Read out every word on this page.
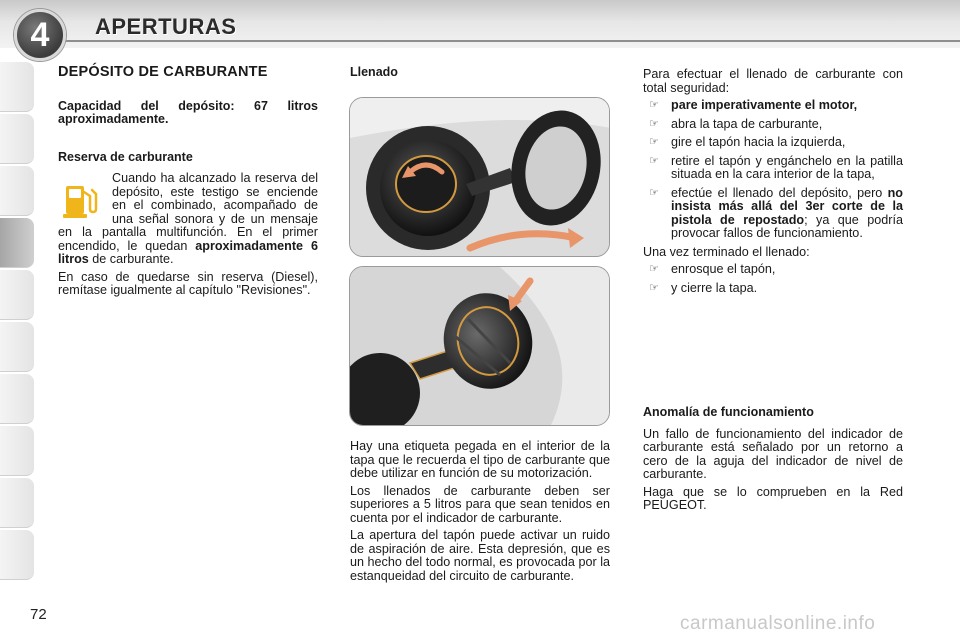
4	APERTURAS
DEPÓSITO DE CARBURANTE

Capacidad del depósito: 67 litros aproximadamente.

Reserva de carburante

Cuando ha alcanzado la reserva del depósito, este testigo se enciende en el combinado, acompañado de una señal sonora y de un mensaje en la pantalla multifunción. En el primer encendido, le quedan aproximadamente 6 litros de carburante.

En caso de quedarse sin reserva (Diesel), remítase igualmente al capítulo "Revisiones".

Llenado

Hay una etiqueta pegada en el interior de la tapa que le recuerda el tipo de carburante que debe utilizar en función de su motorización.

Los llenados de carburante deben ser superiores a 5 litros para que sean tenidos en cuenta por el indicador de carburante.

La apertura del tapón puede activar un ruido de aspiración de aire. Esta depresión, que es un hecho del todo normal, es provocada por la estanqueidad del circuito de carburante.

Para efectuar el llenado de carburante con total seguridad:

☞ pare imperativamente el motor,
☞ abra la tapa de carburante,
☞ gire el tapón hacia la izquierda,
☞ retire el tapón y engánchelo en la patilla situada en la cara interior de la tapa,
☞ efectúe el llenado del depósito, pero no insista más allá del 3er corte de la pistola de repostado; ya que podría provocar fallos de funcionamiento.

Una vez terminado el llenado:

☞ enrosque el tapón,
☞ y cierre la tapa.
Anomalía de funcionamiento

Un fallo de funcionamiento del indicador de carburante está señalado por un retorno a cero de la aguja del indicador de nivel de carburante.

Haga que se lo comprueben en la Red PEUGEOT.

72	carmanualsonline.info
